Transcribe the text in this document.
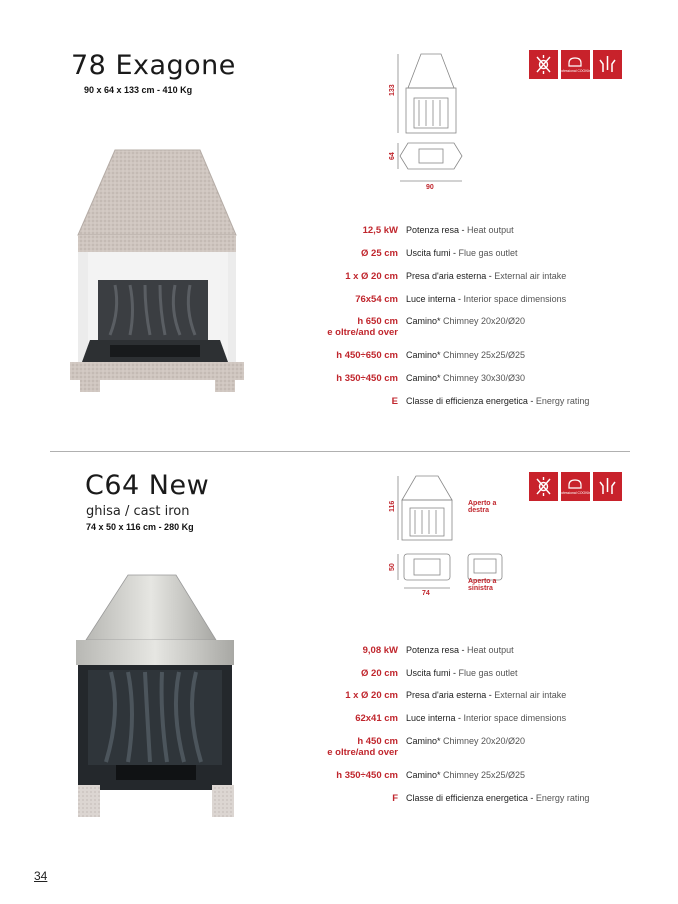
78 Exagone
90 x 64 x 133 cm - 410 Kg	133
64
90
professional COOKline
12,5 kW Potenza resa - Heat output
Ø 25 cm Uscita fumi - Flue gas outlet
1 x Ø 20 cm Presa d'aria esterna - External air intake
76x54 cm Luce interna - Interior space dimensions
h 650 cm
e oltre/and over
Camino* Chimney 20x20/Ø20
h 450÷650 cm Camino* Chimney 25x25/Ø25
h 350÷450 cm Camino* Chimney 30x30/Ø30
E Classe di efficienza energetica - Energy rating
C64 New
ghisa / cast iron
74 x 50 x 116 cm - 280 Kg
116
50
74
Aperto a destra
Aperto a sinistra
professional COOKline
9,08 kW Potenza resa - Heat output
Ø 20 cm Uscita fumi - Flue gas outlet
1 x Ø 20 cm Presa d'aria esterna - External air intake
62x41 cm Luce interna - Interior space dimensions
h 450 cm
e oltre/and over
Camino* Chimney 20x20/Ø20
h 350÷450 cm Camino* Chimney 25x25/Ø25
F Classe di efficienza energetica - Energy rating
34
